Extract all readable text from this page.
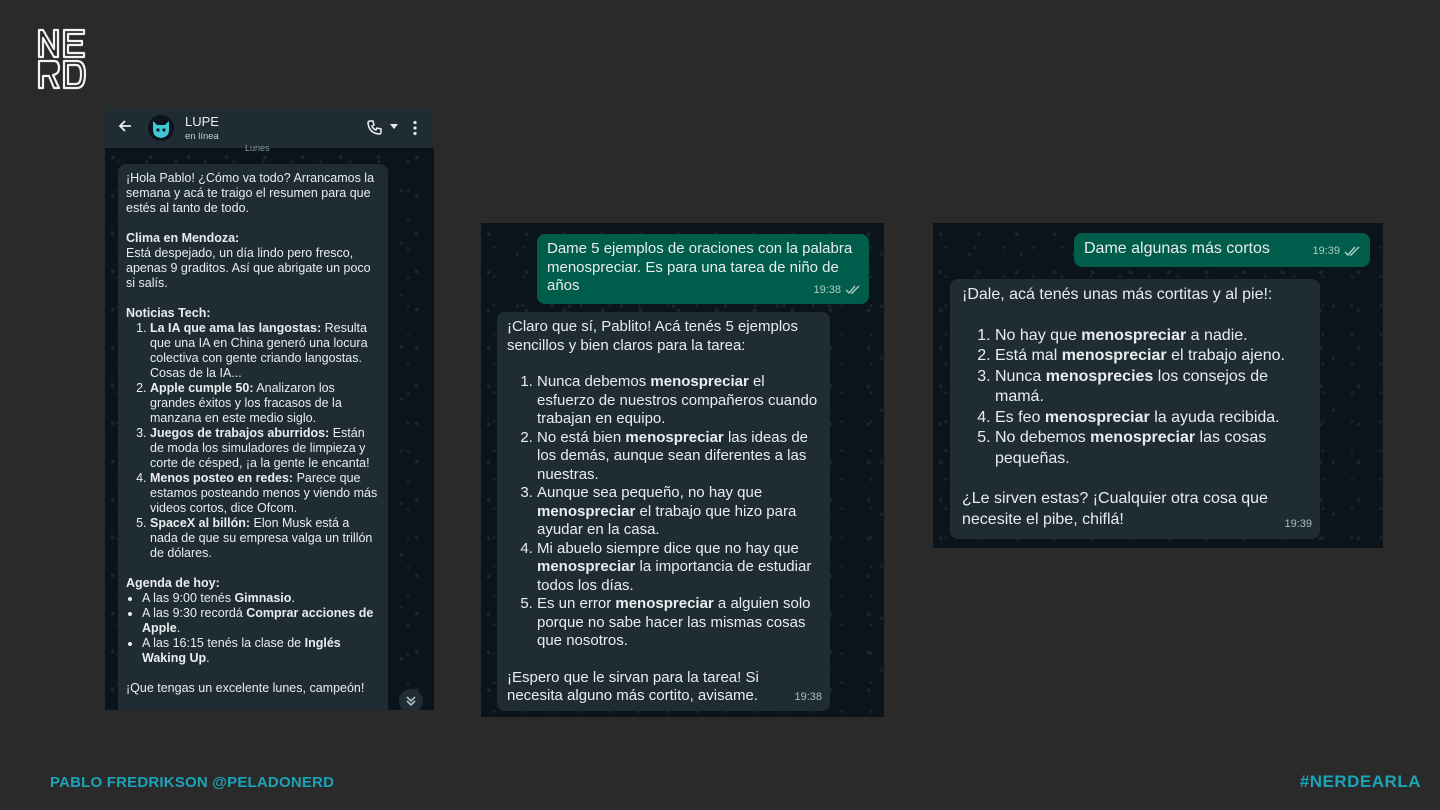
LUPE
en línea
Lunes

¡Hola Pablo! ¿Cómo va todo? Arrancamos la semana y acá te traigo el resumen para que estés al tanto de todo.

Clima en Mendoza:

Está despejado, un día lindo pero fresco, apenas 9 graditos. Así que abrigate un poco si salís.

Noticias Tech:

1. La IA que ama las langostas: Resulta que una IA en China generó una locura colectiva con gente criando langostas. Cosas de la IA...
2. Apple cumple 50: Analizaron los grandes éxitos y los fracasos de la manzana en este medio siglo.
3. Juegos de trabajos aburridos: Están de moda los simuladores de limpieza y corte de césped, ¡a la gente le encanta!
4. Menos posteo en redes: Parece que estamos posteando menos y viendo más videos cortos, dice Ofcom.
5. SpaceX al billón: Elon Musk está a nada de que su empresa valga un trillón de dólares.

Agenda de hoy:

• A las 9:00 tenés Gimnasio.
• A las 9:30 recordá Comprar acciones de Apple.
• A las 16:15 tenés la clase de Inglés Waking Up.

¡Que tengas un excelente lunes, campeón!

Dame 5 ejemplos de oraciones con la palabra menospreciar. Es para una tarea de niño de años	19:38

¡Claro que sí, Pablito! Acá tenés 5 ejemplos sencillos y bien claros para la tarea:

1. Nunca debemos menospreciar el esfuerzo de nuestros compañeros cuando trabajan en equipo.
2. No está bien menospreciar las ideas de los demás, aunque sean diferentes a las nuestras.
3. Aunque sea pequeño, no hay que menospreciar el trabajo que hizo para ayudar en la casa.
4. Mi abuelo siempre dice que no hay que menospreciar la importancia de estudiar todos los días.
5. Es un error menospreciar a alguien solo porque no sabe hacer las mismas cosas que nosotros.

¡Espero que le sirvan para la tarea! Si necesita alguno más cortito, avisame.	19:38
Dame algunas más cortos	19:39

¡Dale, acá tenés unas más cortitas y al pie!:

1. No hay que menospreciar a nadie.
2. Está mal menospreciar el trabajo ajeno.
3. Nunca menosprecies los consejos de mamá.
4. Es feo menospreciar la ayuda recibida.
5. No debemos menospreciar las cosas pequeñas.

¿Le sirven estas? ¡Cualquier otra cosa que necesite el pibe, chiflá!	19:39
PABLO FREDRIKSON @PELADONERD	#NERDEARLA
